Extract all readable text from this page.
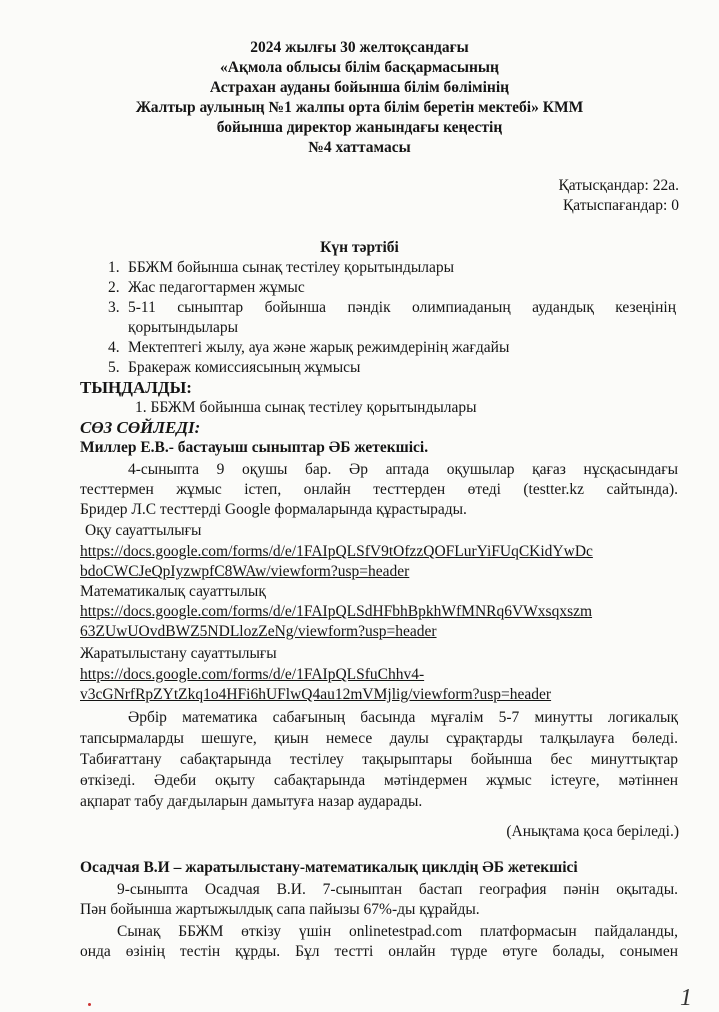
2024 жылғы 30 желтоқсандағы
«Ақмола облысы білім басқармасының
Астрахан ауданы бойынша білім бөлімінің
Жалтыр аулының №1 жалпы орта білім беретін мектебі» КММ
бойынша директор жанындағы кеңестің
№4 хаттамасы
Қатысқандар: 22а.
Қатыспағандар: 0
Күн тәртібі
1. ББЖМ бойынша сынақ тестілеу қорытындылары
2. Жас педагогтармен жұмыс
3. 5-11 сыныптар бойынша пәндік олимпиаданың аудандық кезеңінің қорытындылары
4. Мектептегі жылу, ауа және жарық режимдерінің жағдайы
5. Бракераж комиссиясының жұмысы
ТЫҢДАЛДЫ:
1. ББЖМ бойынша сынақ тестілеу қорытындылары
СӨЗ СӨЙЛЕДІ:
Миллер Е.В.- бастауыш сыныптар ӘБ жетекшісі.
4-сыныпта 9 оқушы бар. Әр аптада оқушылар қағаз нұсқасындағы
тесттермен жұмыс істеп, онлайн тесттерден өтеді (testter.kz сайтында).
Бридер Л.С тесттерді Google формаларында құрастырады.
Оқу сауаттылығы
https://docs.google.com/forms/d/e/1FAIpQLSfV9tOfzzQOFLurYiFUqCKidYwDc
bdoCWCJeQpIyzwpfC8WAw/viewform?usp=header
Математикалық сауаттылық
https://docs.google.com/forms/d/e/1FAIpQLSdHFbhBpkhWfMNRq6VWxsqxszm
63ZUwUOvdBWZ5NDLlozZeNg/viewform?usp=header
Жаратылыстану сауаттылығы
https://docs.google.com/forms/d/e/1FAIpQLSfuChhv4-
v3cGNrfRpZYtZkq1o4HFi6hUFlwQ4au12mVMjlig/viewform?usp=header
Әрбір математика сабағының басында мұғалім 5-7 минутты логикалық
тапсырмаларды шешуге, қиын немесе даулы сұрақтарды талқылауға бөледі.
Табиғаттану сабақтарында тестілеу тақырыптары бойынша бес минуттықтар
өткізеді. Әдеби оқыту сабақтарында мәтіндермен жұмыс істеуге, мәтіннен
ақпарат табу дағдыларын дамытуға назар аударады.
(Анықтама қоса беріледі.)
Осадчая В.И – жаратылыстану-математикалық циклдің ӘБ жетекшісі
9-сыныпта Осадчая В.И. 7-сыныптан бастап география пәнін оқытады.
Пән бойынша жартыжылдық сапа пайызы 67%-ды құрайды.
Сынақ ББЖМ өткізу үшін onlinetestpad.com платформасын пайдаланды,
онда өзінің тестін құрды. Бұл тестті онлайн түрде өтуге болады, сонымен
1
